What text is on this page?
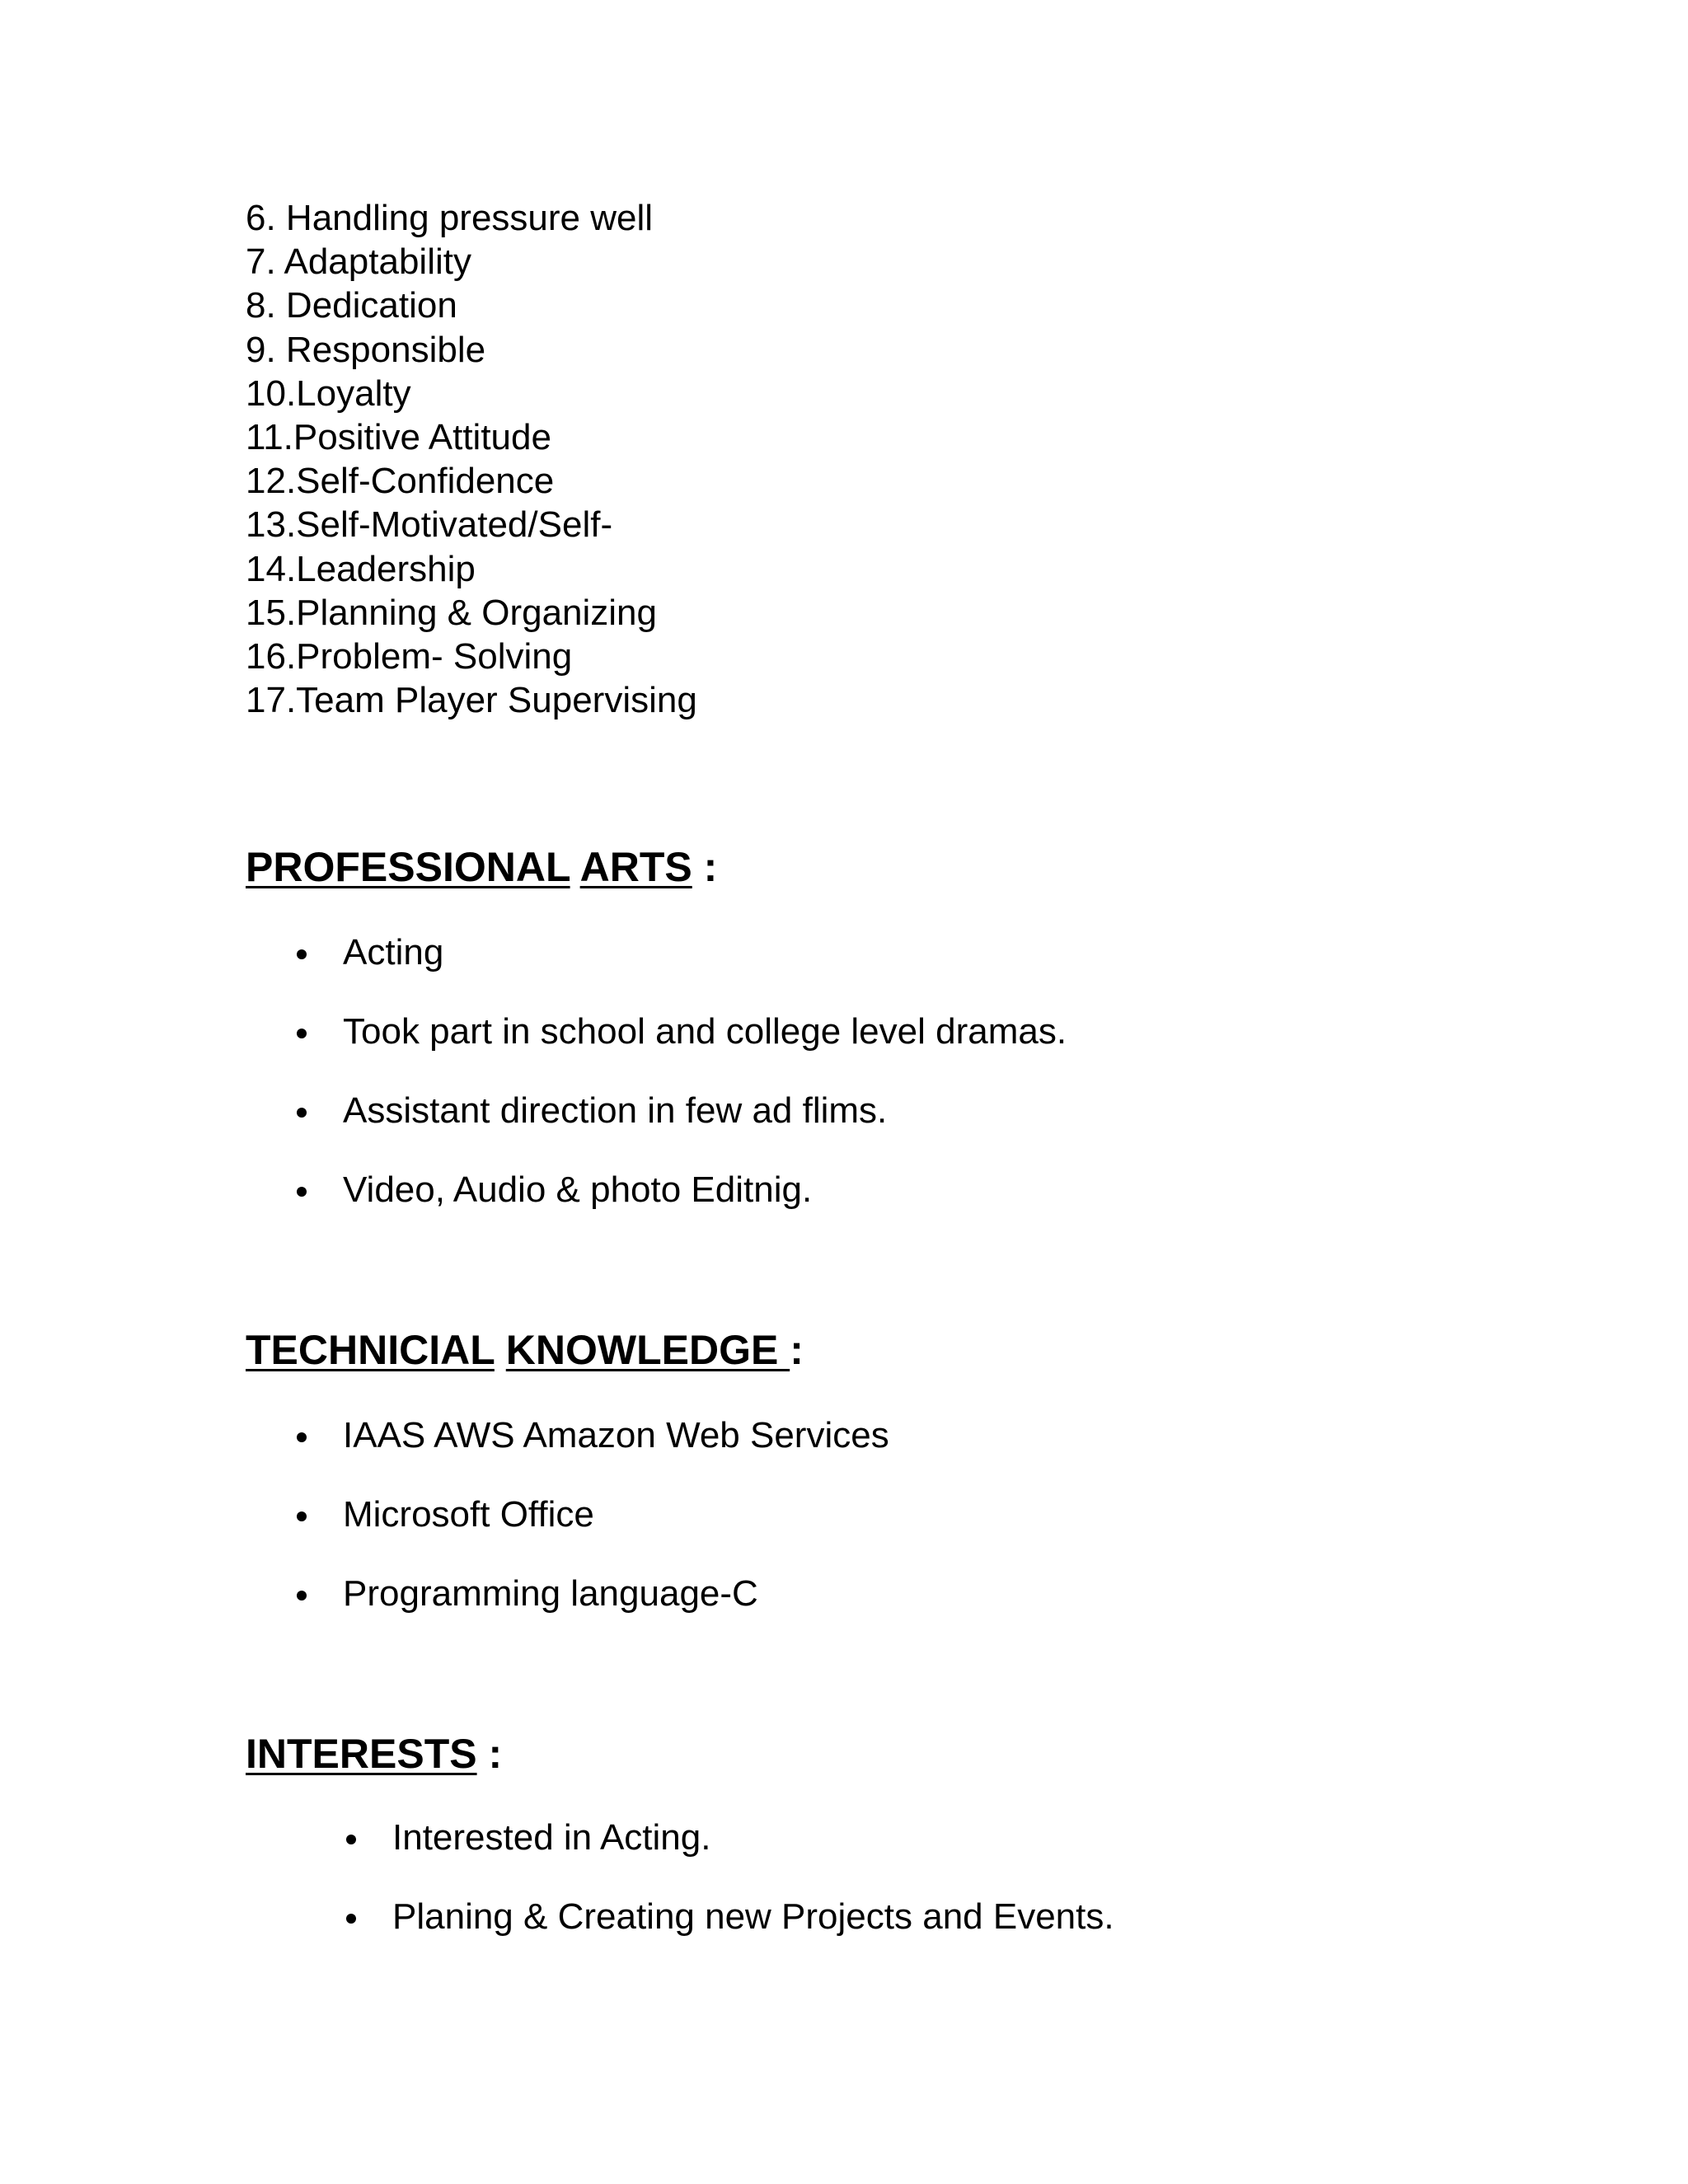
6. Handling pressure well
7. Adaptability
8. Dedication
9. Responsible
10.Loyalty
11.Positive Attitude
12.Self-Confidence
13.Self-Motivated/Self-
14.Leadership
15.Planning & Organizing
16.Problem- Solving
17.Team Player Supervising
PROFESSIONAL ARTS :
Acting
Took part in school and college level dramas.
Assistant direction in few ad flims.
Video, Audio & photo Editnig.
TECHNICIAL KNOWLEDGE :
IAAS AWS Amazon Web Services
Microsoft Office
Programming language-C
INTERESTS :
Interested in Acting.
Planing & Creating new Projects and Events.
